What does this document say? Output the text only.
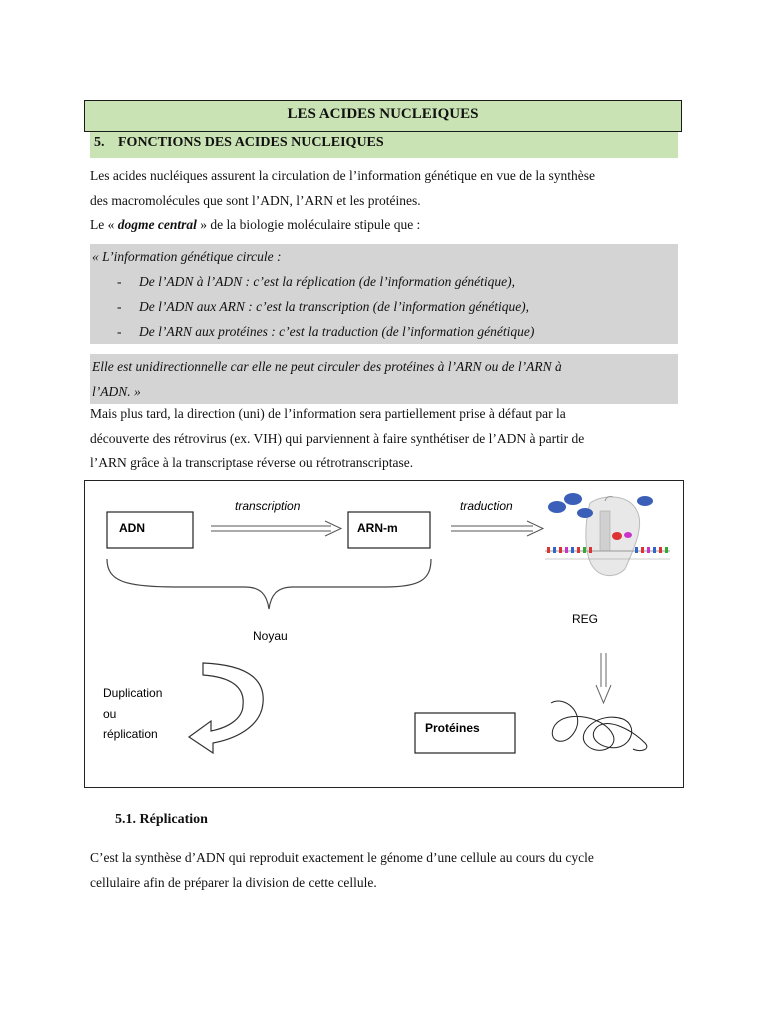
LES ACIDES NUCLEIQUES
5. FONCTIONS DES ACIDES NUCLEIQUES
Les acides nucléiques assurent la circulation de l’information génétique en vue de la synthèse
des macromolécules que sont l’ADN, l’ARN et les protéines.
Le « dogme central » de la biologie moléculaire stipule que :
« L’information génétique circule :
- De l’ADN à l’ADN : c’est la réplication (de l’information génétique),
- De l’ADN aux ARN : c’est la transcription (de l’information génétique),
- De l’ARN aux protéines : c’est la traduction (de l’information génétique)
Elle est unidirectionnelle car elle ne peut circuler des protéines à l’ARN ou de l’ARN à
l’ADN. »
Mais plus tard, la direction (uni) de l’information sera partiellement prise à défaut par la
découverte des rétrovirus (ex. VIH) qui parviennent à faire synthétiser de l’ADN à partir de
l’ARN grâce à la transcriptase réverse ou rétrotranscriptase.
ADN	ARN-m
transcription	traduction
Noyau
REG
Duplication
ou
réplication	Protéines
5.1. Réplication
C’est la synthèse d’ADN qui reproduit exactement le génome d’une cellule au cours du cycle
cellulaire afin de préparer la division de cette cellule.
